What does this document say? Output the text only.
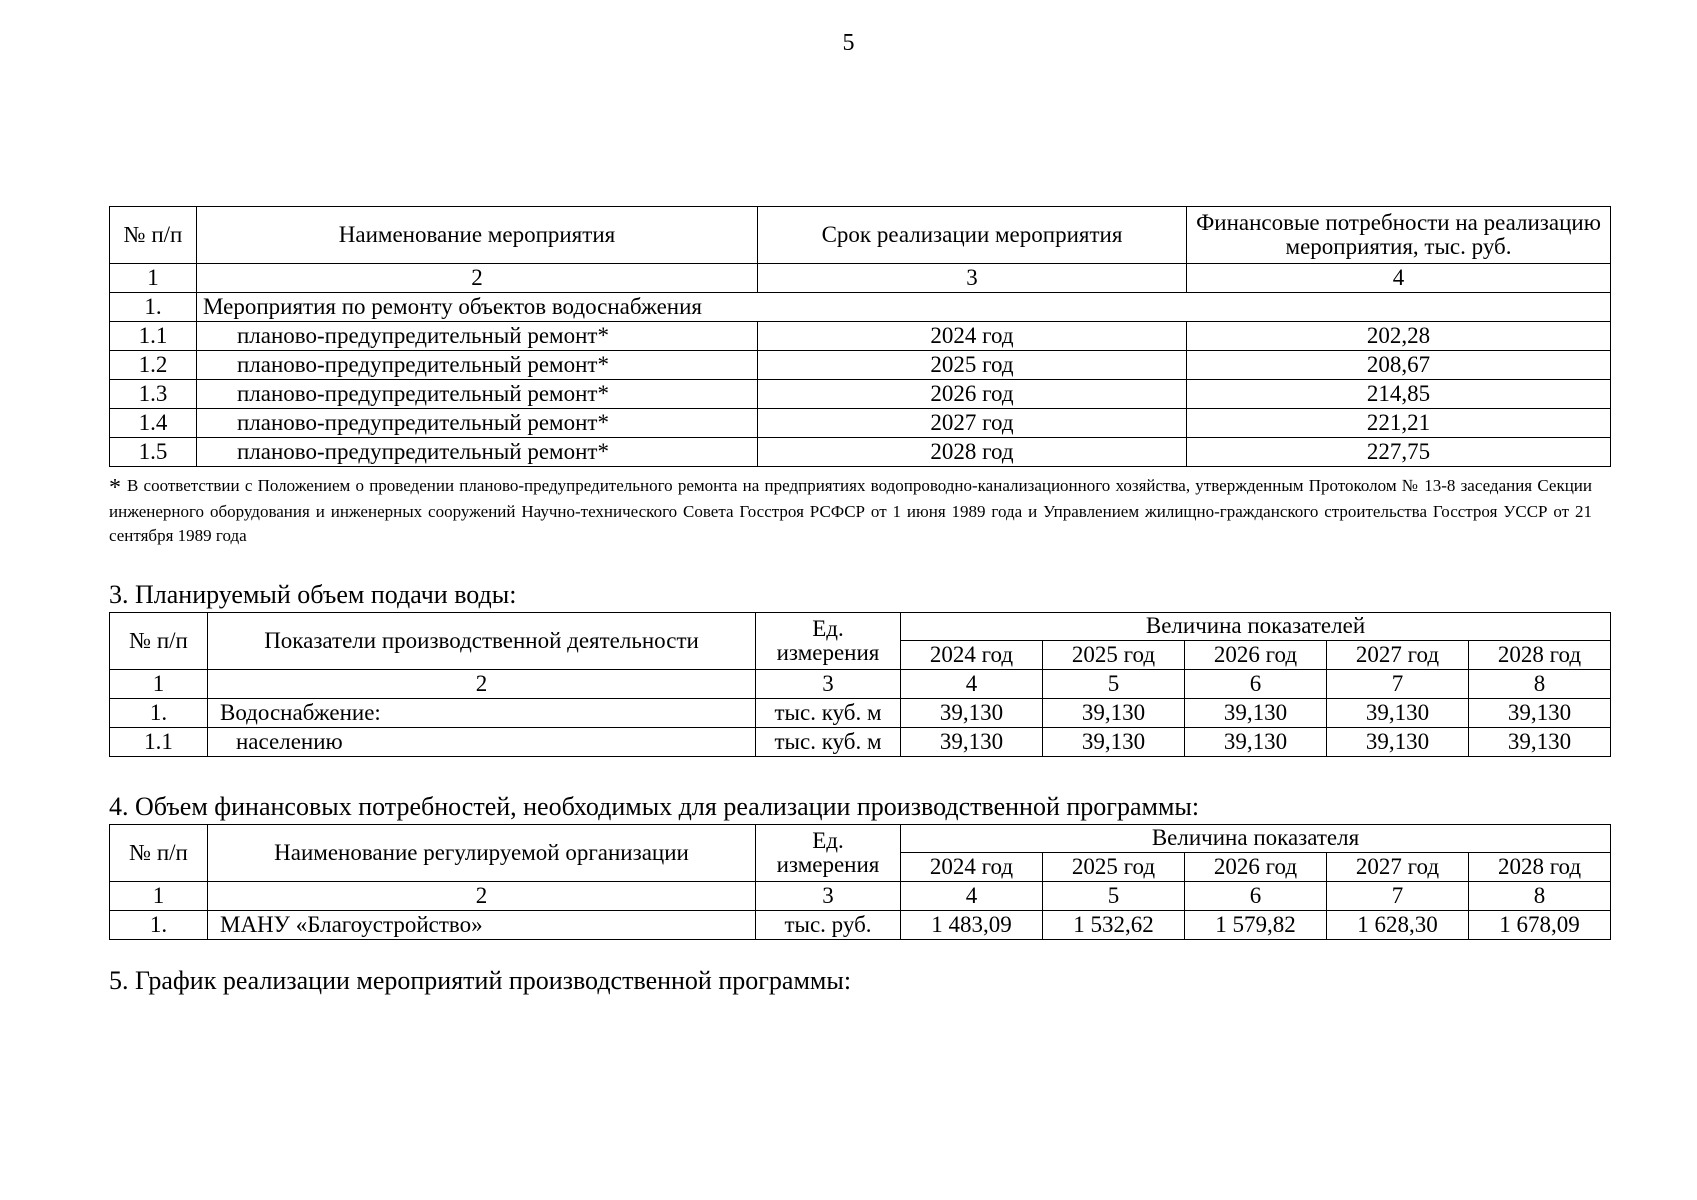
5
№ п/п	Наименование мероприятия	Срок реализации мероприятия	Финансовые потребности на реализацию мероприятия, тыс. руб.
1	2	3	4
1.	Мероприятия по ремонту объектов водоснабжения		
1.1	планово-предупредительный ремонт*	2024 год	202,28
1.2	планово-предупредительный ремонт*	2025 год	208,67
1.3	планово-предупредительный ремонт*	2026 год	214,85
1.4	планово-предупредительный ремонт*	2027 год	221,21
1.5	планово-предупредительный ремонт*	2028 год	227,75
* В соответствии с Положением о проведении планово-предупредительного ремонта на предприятиях водопроводно-канализационного хозяйства, утвержденным Протоколом № 13-8 заседания Секции инженерного оборудования и инженерных сооружений Научно-технического Совета Госстроя РСФСР от 1 июня 1989 года и Управлением жилищно-гражданского строительства Госстроя УССР от 21 сентября 1989 года
3. Планируемый объем подачи воды:
№ п/п	Показатели производственной деятельности	Ед. измерения	Величина показателей				
			2024 год	2025 год	2026 год	2027 год	2028 год
1	2	3	4	5	6	7	8
1.	Водоснабжение:	тыс. куб. м	39,130	39,130	39,130	39,130	39,130
1.1	населению	тыс. куб. м	39,130	39,130	39,130	39,130	39,130
4. Объем финансовых потребностей, необходимых для реализации производственной программы:
№ п/п	Наименование регулируемой организации	Ед. измерения	Величина показателя				
			2024 год	2025 год	2026 год	2027 год	2028 год
1	2	3	4	5	6	7	8
1.	МАНУ «Благоустройство»	тыс. руб.	1 483,09	1 532,62	1 579,82	1 628,30	1 678,09
5. График реализации мероприятий производственной программы:
